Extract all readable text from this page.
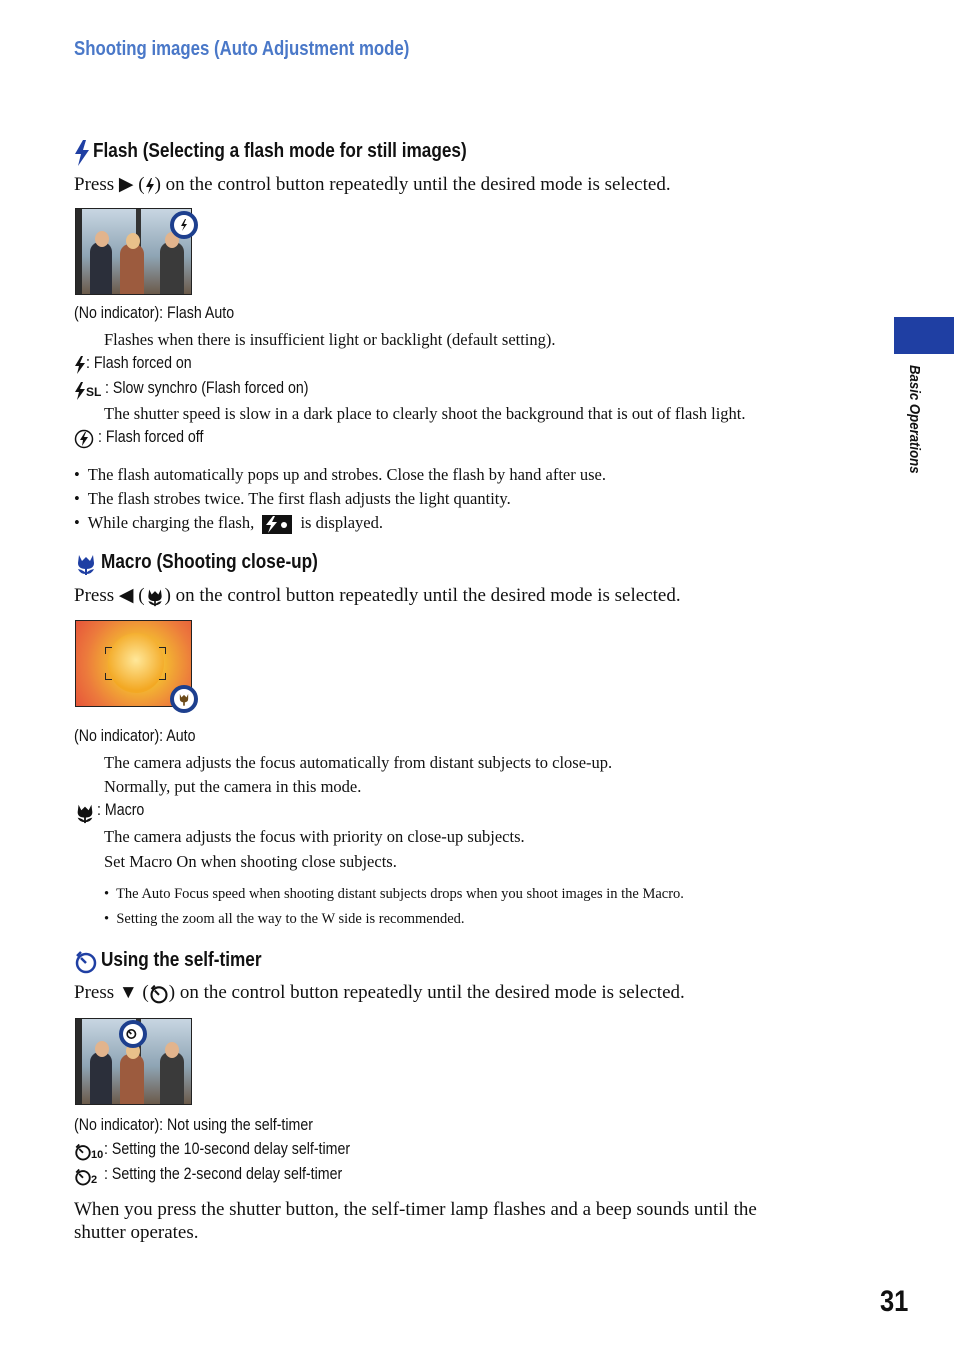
Shooting images (Auto Adjustment mode)
Basic Operations
Flash (Selecting a flash mode for still images)
Press ▶ ( ) on the control button repeatedly until the desired mode is selected.
(No indicator): Flash Auto
Flashes when there is insufficient light or backlight (default setting).
: Flash forced on
SL : Slow synchro (Flash forced on)
The shutter speed is slow in a dark place to clearly shoot the background that is out of flash light.
: Flash forced off
• The flash automatically pops up and strobes. Close the flash by hand after use.
• The flash strobes twice. The first flash adjusts the light quantity.
• While charging the flash,	is displayed.
Macro (Shooting close-up)
Press ◀ ( ) on the control button repeatedly until the desired mode is selected.
(No indicator): Auto
The camera adjusts the focus automatically from distant subjects to close-up.
Normally, put the camera in this mode.
: Macro
The camera adjusts the focus with priority on close-up subjects.
Set Macro On when shooting close subjects.
• The Auto Focus speed when shooting distant subjects drops when you shoot images in the Macro.
• Setting the zoom all the way to the W side is recommended.
Using the self-timer
Press ▼ ( ) on the control button repeatedly until the desired mode is selected.
(No indicator): Not using the self-timer
10 : Setting the 10-second delay self-timer
2 : Setting the 2-second delay self-timer
When you press the shutter button, the self-timer lamp flashes and a beep sounds until the
shutter operates.
31
